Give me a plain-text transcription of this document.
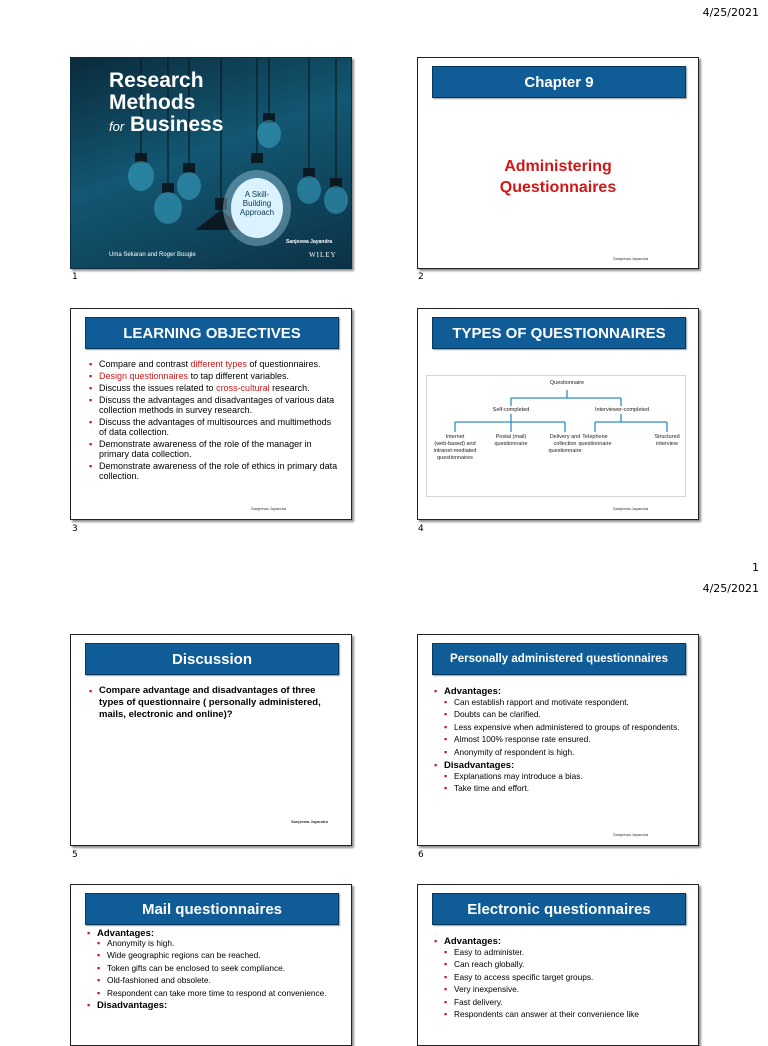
4/25/2021
1
4/25/2021
Research
Methods
for Business
A Skill-
Building
Approach
Sanjeewa Jayandra
Uma Sekaran and Roger Bougie	WILEY
1
Chapter 9
Administering
Questionnaires
Sanjeewa Jayandra
2
LEARNING OBJECTIVES
▪ Compare and contrast different types of questionnaires.
▪ Design questionnaires to tap different variables.
▪ Discuss the issues related to cross-cultural research.
▪ Discuss the advantages and disadvantages of various data collection methods in survey research.
▪ Discuss the advantages of multisources and multimethods of data collection.
▪ Demonstrate awareness of the role of the manager in primary data collection.
▪ Demonstrate awareness of the role of ethics in primary data collection.
Sanjeewa Jayandra
3
TYPES OF QUESTIONNAIRES
Questionnaire
Self-completed	Interviewer-completed
Internet
(web-based) and
intranet-mediated
questionnaires
Postal (mail)
questionnaire
Delivery and
collection
questionnaire
Telephone
questionnaire
Structured
interview
Sanjeewa Jayandra
4
Discussion
▪ Compare advantage and disadvantages of three types of questionnaire ( personally administered, mails, electronic and online)?
Sanjeewa Jayandra
5
Personally administered questionnaires
▪ Advantages:
▪ Can establish rapport and motivate respondent.
▪ Doubts can be clarified.
▪ Less expensive when administered to groups of respondents.
▪ Almost 100% response rate ensured.
▪ Anonymity of respondent is high.
▪ Disadvantages:
▪ Explanations may introduce a bias.
▪ Take time and effort.
Sanjeewa Jayandra
6
Mail questionnaires
▪ Advantages:
▪ Anonymity is high.
▪ Wide geographic regions can be reached.
▪ Token gifts can be enclosed to seek compliance.
▪ Old-fashioned and obsolete.
▪ Respondent can take more time to respond at convenience.
▪ Disadvantages:
Electronic questionnaires
▪ Advantages:
▪ Easy to administer.
▪ Can reach globally.
▪ Easy to access specific target groups.
▪ Very inexpensive.
▪ Fast delivery.
▪ Respondents can answer at their convenience like
